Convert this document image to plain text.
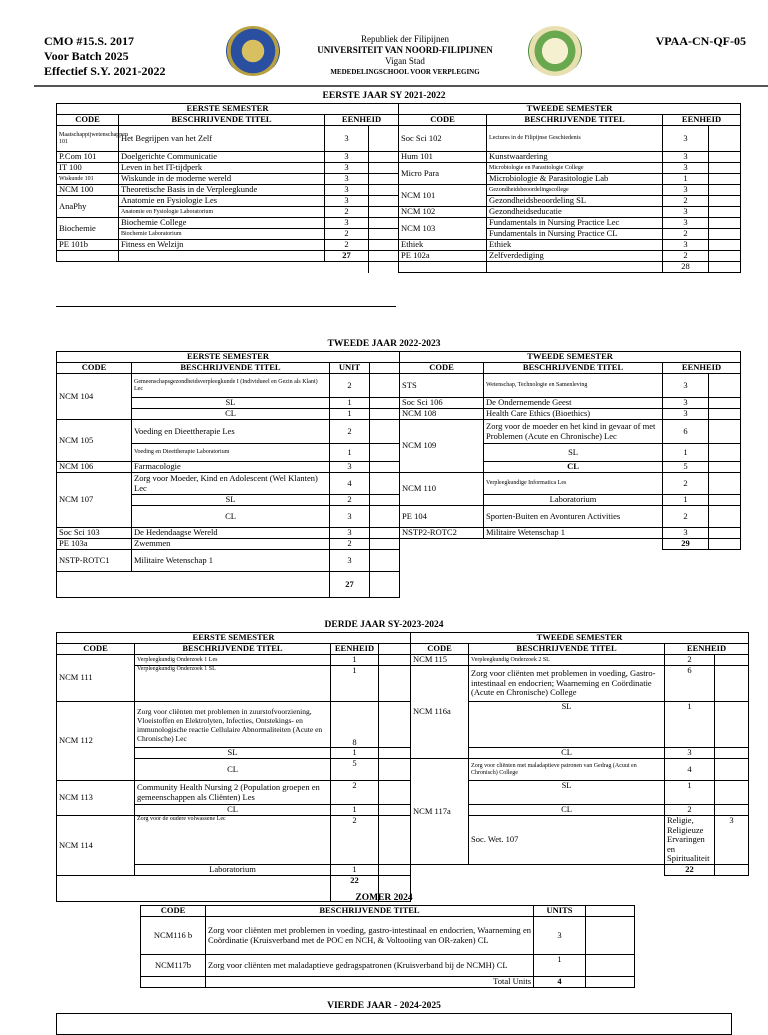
CMO #15.S. 2017
Voor Batch 2025
Effectief S.Y. 2021-2022
Republiek der Filipijnen
UNIVERSITEIT VAN NOORD-FILIPIJNEN
Vigan Stad
MEDEDELINGSCHOOL VOOR VERPLEGING
VPAA-CN-QF-05
EERSTE JAAR SY 2021-2022
EERSTE SEMESTER				TWEEDE SEMESTER			
CODE	BESCHRIJVENDE TITEL	EENHEID		CODE	BESCHRIJVENDE TITEL	EENHEID	
Maatschappijwetenschappen 101	Het Begrijpen van het Zelf	3		Soc Sci 102	Lectures in de Filipijnse Geschiedenis	3	
P.Com 101	Doelgerichte Communicatie	3		Hum 101	Kunstwaardering	3	
IT 100	Leven in het IT-tijdperk	3		Micro Para	Microbiologie en Parasitologie College	3	
Wiskunde 101	Wiskunde in de moderne wereld	3			Microbiologie & Parasitologie Lab	1	
NCM 100	Theoretische Basis in de Verpleegkunde	3		NCM 101	Gezondheidsbeoordelingscollege	3	
AnaPhy	Anatomie en Fysiologie Les	3			Gezondheidsbeoordeling SL	2	
	Anatomie en Fysiologie Laboratorium	2		NCM 102	Gezondheidseducatie	3	
Biochemie	Biochemie College	3		NCM 103	Fundamentals in Nursing Practice Lec	3	
	Biochemie Laboratorium	2			Fundamentals in Nursing Practice CL	2	
PE 101b	Fitness en Welzijn	2		Ethiek	Ethiek	3	
		27		PE 102a	Zelfverdediging	2	
						28	
TWEEDE JAAR 2022-2023
EERSTE SEMESTER				TWEEDE SEMESTER			
CODE	BESCHRIJVENDE TITEL	UNIT		CODE	BESCHRIJVENDE TITEL	EENHEID	
NCM 104	Gemeenschapsgezondheidsverpleegkunde I (Individueel en Gezin als Klant) Lec	2		STS	Wetenschap, Technologie en Samenleving	3	
	SL	1		Soc Sci 106	De Ondernemende Geest	3	
	CL	1		NCM 108	Health Care Ethics (Bioethics)	3	
NCM 105	Voeding en Dieettherapie Les	2		NCM 109	Zorg voor de moeder en het kind in gevaar of met Problemen (Acute en Chronische) Lec	6	
	Voeding en Dieettherapie Laboratorium	1			SL	1	
NCM 106	Farmacologie	3			CL	5	
NCM 107	Zorg voor Moeder, Kind en Adolescent (Wel Klanten) Lec	4		NCM 110	Verpleegkundige Informatica Les	2	
	SL	2			Laboratorium	1	
	CL	3		PE 104	Sporten-Buiten en Avonturen Activities	2	
Soc Sci 103	De Hedendaagse Wereld	3		NSTP2-ROTC2	Militaire Wetenschap 1	3	
PE 103a	Zwemmen	2				29	
NSTP-ROTC1	Militaire Wetenschap 1	3					
		27					
DERDE JAAR SY-2023-2024
EERSTE SEMESTER				TWEEDE SEMESTER				
CODE	BESCHRIJVENDE TITEL	EENHEID		CODE	BESCHRIJVENDE TITEL	EENHEID		
NCM 111	Verpleegkundig Onderzoek 1 Les	1		NCM 115	Verpleegkundig Onderzoek 2 SL	2		
	Verpleegkundig Onderzoek 1 SL	1		NCM 116a	Zorg voor cliënten met problemen in voeding, Gastro-intestinaal en endocrien; Waarneming en Coördinatie (Acute en Chronische) College	6		
NCM 112	Zorg voor cliënten met problemen in zuurstofvoorziening, Vloeistoffen en Elektrolyten, Infecties, Ontstekings- en immunologische reactie Cellulaire Abnormaliteiten (Acute en Chronische) Lec	8			SL	1		
	SL	1			CL	3		
	CL	5		NCM 117a	Zorg voor cliënten met maladaptieve patronen van Gedrag (Acuut en Chronisch) College	4		
NCM 113	Community Health Nursing 2 (Population groepen en gemeenschappen als Cliënten) Les	2			SL	1		
	CL	1			CL	2		
NCM 114	Zorg voor de oudere volwassene Lec	2			Soc. Wet. 107	Religie, Religieuze Ervaringen en Spiritualiteit	3	
	Laboratorium	1				22		
		22						
ZOMER 2024
CODE	BESCHRIJVENDE TITEL	UNITS	
NCM116 b	Zorg voor cliënten met problemen in voeding, gastro-intestinaal en endocrien, Waarneming en Coördinatie (Kruisverband met de POC en NCH, & Voltooiing van OR-zaken) CL	3	
NCM117b	Zorg voor cliënten met maladaptieve gedragspatronen (Kruisverband bij de NCMH) CL	1	
	Total Units	4	
VIERDE JAAR - 2024-2025
